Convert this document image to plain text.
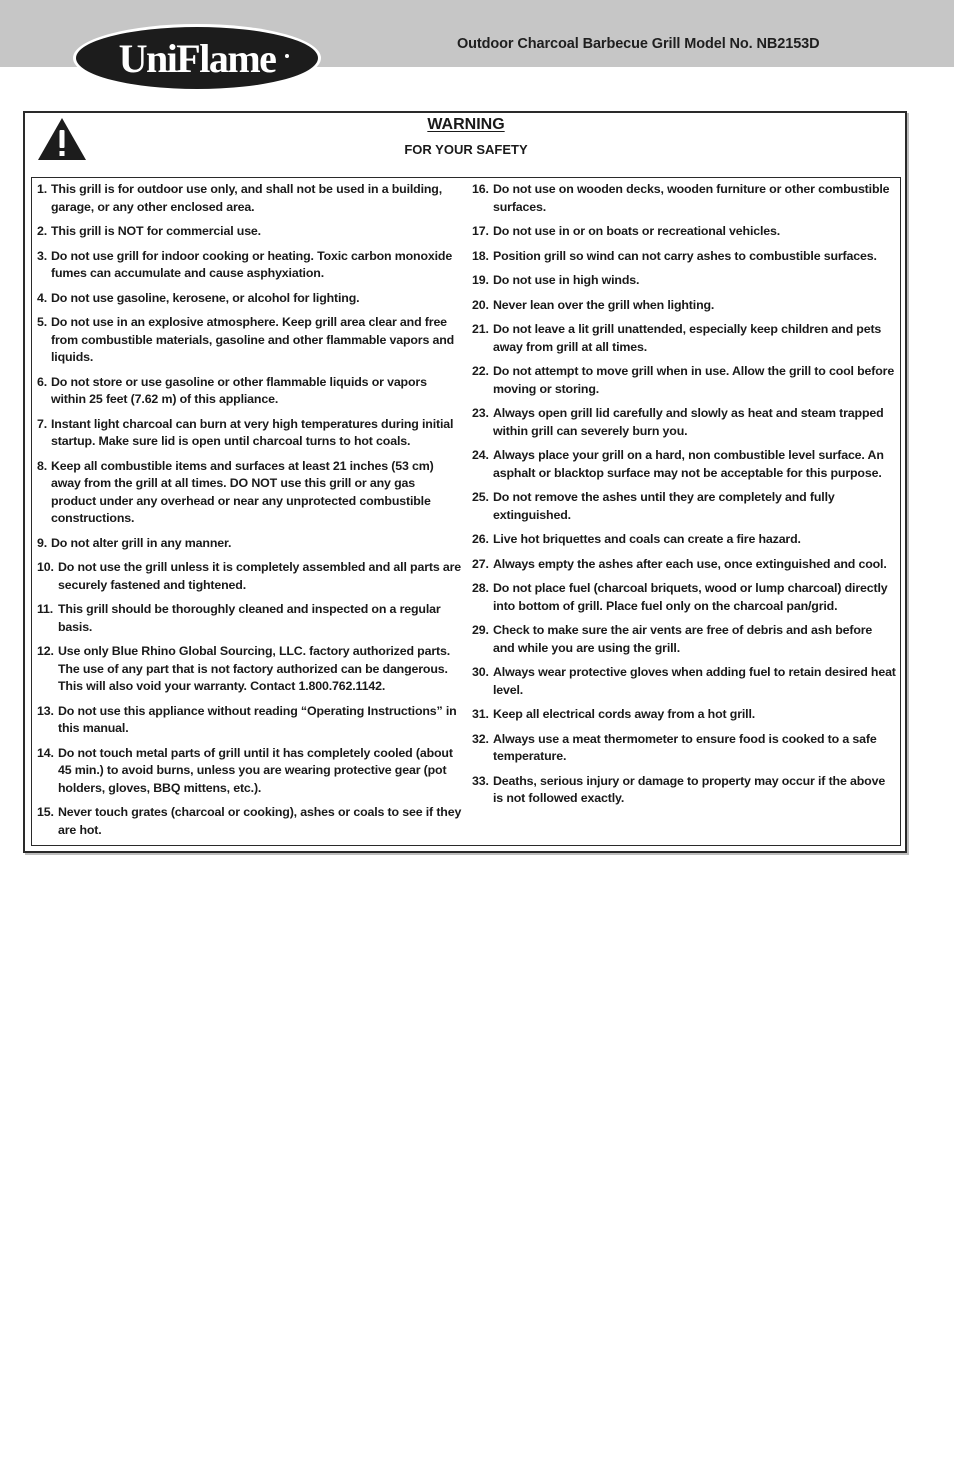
UniFlame	Outdoor Charcoal Barbecue Grill Model No. NB2153D
WARNING
FOR YOUR SAFETY
1. This grill is for outdoor use only, and shall not be used in a building, garage, or any other enclosed area.
2. This grill is NOT for commercial use.
3. Do not use grill for indoor cooking or heating. Toxic carbon monoxide fumes can accumulate and cause asphyxiation.
4. Do not use gasoline, kerosene, or alcohol for lighting.
5. Do not use in an explosive atmosphere. Keep grill area clear and free from combustible materials, gasoline and other flammable vapors and liquids.
6. Do not store or use gasoline or other flammable liquids or vapors within 25 feet (7.62 m) of this appliance.
7. Instant light charcoal can burn at very high temperatures during initial startup. Make sure lid is open until charcoal turns to hot coals.
8. Keep all combustible items and surfaces at least 21 inches (53 cm) away from the grill at all times. DO NOT use this grill or any gas product under any overhead or near any unprotected combustible constructions.
9. Do not alter grill in any manner.
10. Do not use the grill unless it is completely assembled and all parts are securely fastened and tightened.
11. This grill should be thoroughly cleaned and inspected on a regular basis.
12. Use only Blue Rhino Global Sourcing, LLC. factory authorized parts. The use of any part that is not factory authorized can be dangerous. This will also void your warranty. Contact 1.800.762.1142.
13. Do not use this appliance without reading “Operating Instructions” in this manual.
14. Do not touch metal parts of grill until it has completely cooled (about 45 min.) to avoid burns, unless you are wearing protective gear (pot holders, gloves, BBQ mittens, etc.).
15. Never touch grates (charcoal or cooking), ashes or coals to see if they are hot.
16. Do not use on wooden decks, wooden furniture or other combustible surfaces.
17. Do not use in or on boats or recreational vehicles.
18. Position grill so wind can not carry ashes to combustible surfaces.
19. Do not use in high winds.
20. Never lean over the grill when lighting.
21. Do not leave a lit grill unattended, especially keep children and pets away from grill at all times.
22. Do not attempt to move grill when in use. Allow the grill to cool before moving or storing.
23. Always open grill lid carefully and slowly as heat and steam trapped within grill can severely burn you.
24. Always place your grill on a hard, non combustible level surface. An asphalt or blacktop surface may not be acceptable for this purpose.
25. Do not remove the ashes until they are completely and fully extinguished.
26. Live hot briquettes and coals can create a fire hazard.
27. Always empty the ashes after each use, once extinguished and cool.
28. Do not place fuel (charcoal briquets, wood or lump charcoal) directly into bottom of grill. Place fuel only on the charcoal pan/grid.
29. Check to make sure the air vents are free of debris and ash before and while you are using the grill.
30. Always wear protective gloves when adding fuel to retain desired heat level.
31. Keep all electrical cords away from a hot grill.
32. Always use a meat thermometer to ensure food is cooked to a safe temperature.
33. Deaths, serious injury or damage to property may occur if the above is not followed exactly.
